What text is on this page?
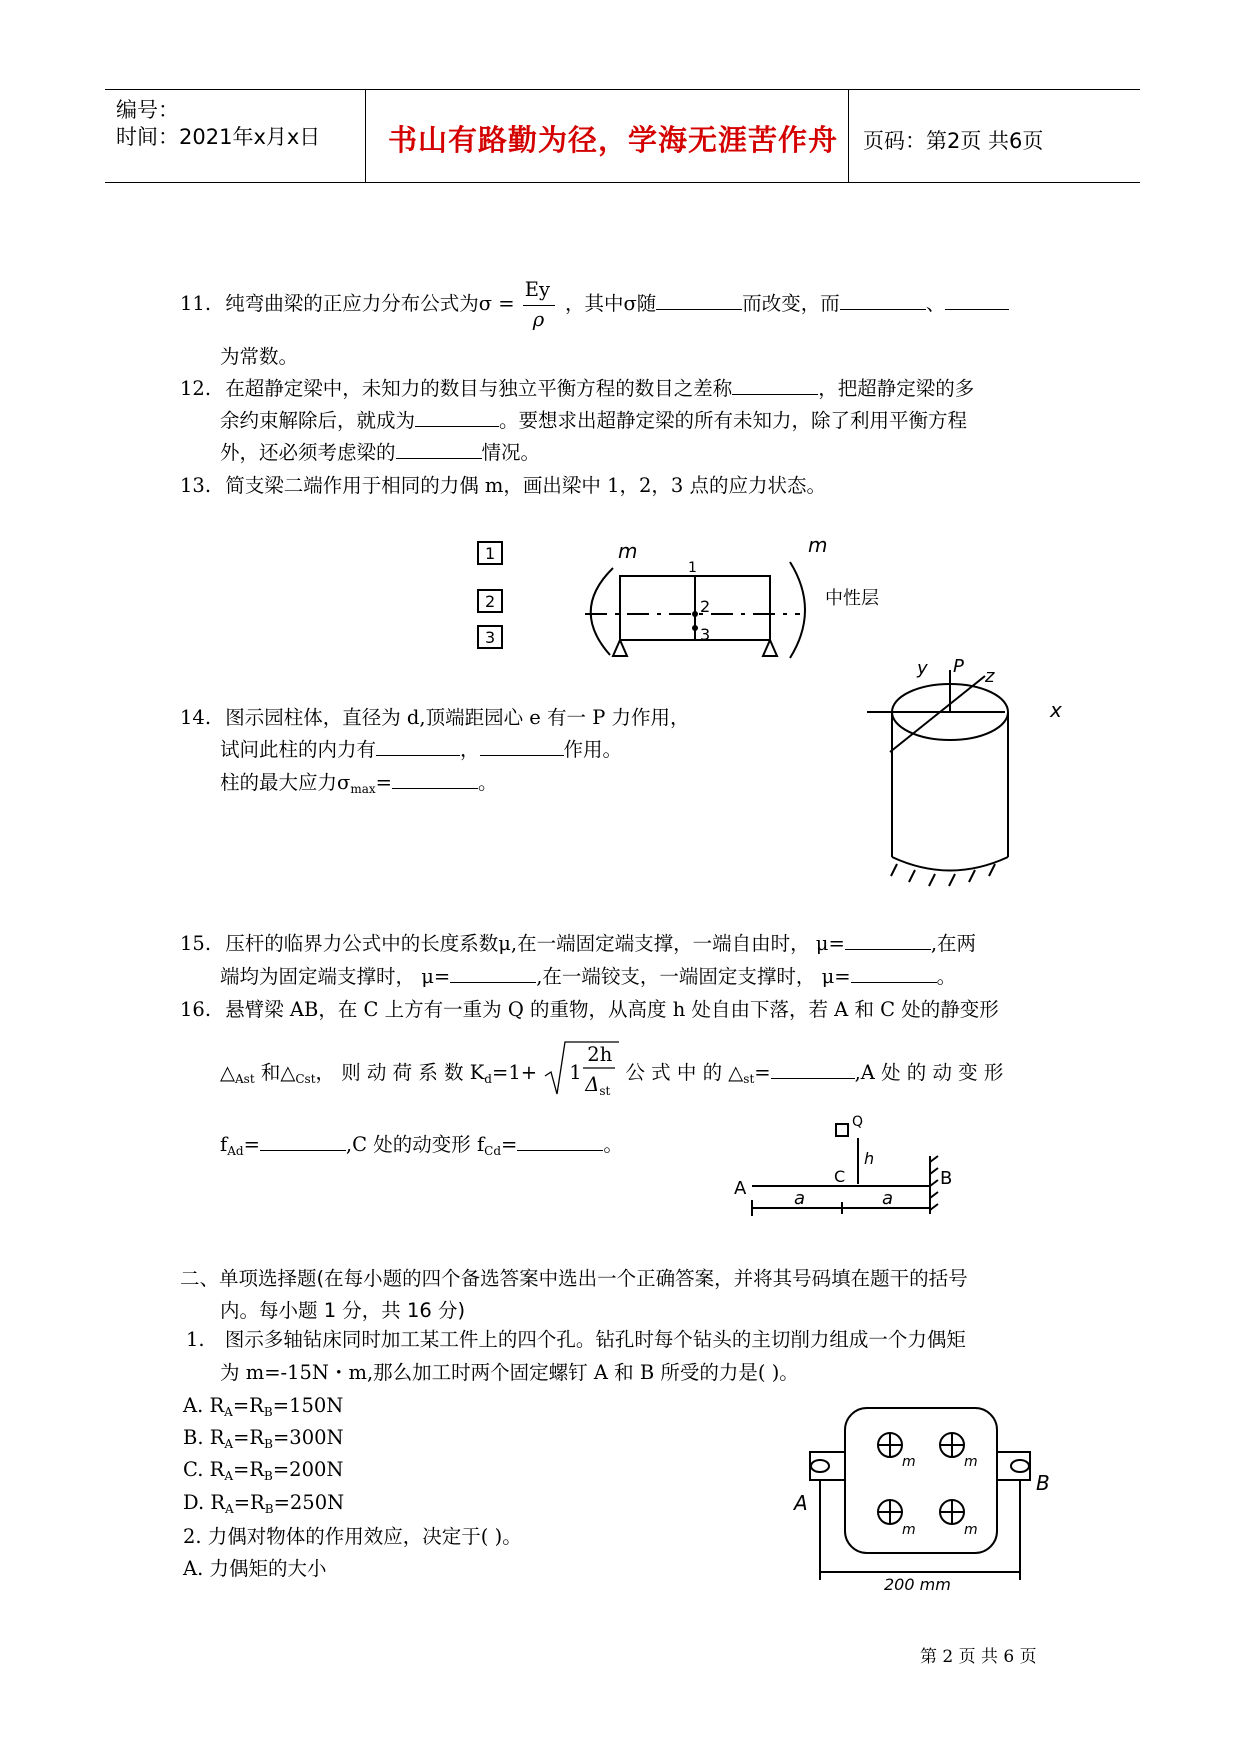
编号：
时间：2021年x月x日 书山有路勤为径，学海无涯苦作舟 页码：第2页 共6页
11. 纯弯曲梁的正应力分布公式为$\sigma = \frac{Ey}{\rho}$ ，其中σ随	而改变，而	、
为常数。
12. 在超静定梁中，未知力的数目与独立平衡方程的数目之差称	，把超静定梁的多
余约束解除后，就成为	。要想求出超静定梁的所有未知力，除了利用平衡方程
外，还必须考虑梁的	情况。
13. 简支梁二端作用于相同的力偶 m，画出梁中 1，2，3 点的应力状态。
1
2
3
m	m
1
2
3
中性层
14. 图示园柱体，直径为 d,顶端距园心 e 有一 P 力作用，
试问此柱的内力有	，	作用。
柱的最大应力$\sigma_{max}=$	。
y P z
x
15. 压杆的临界力公式中的长度系数μ,在一端固定端支撑，一端自由时， μ=	,在两
端均为固定端支撑时， μ=	,在一端铰支，一端固定支撑时， μ=	。
16. 悬臂梁 AB，在 C 上方有一重为 Q 的重物，从高度 h 处自由下落，若 A 和 C 处的静变形
$\triangle_{Ast}$ 和$\triangle_{Cst}$， 则 动 荷 系 数 $K_d=1+ 1$
2h
$\Delta_{st}$
公 式 中 的 $\triangle_{st}=$	,A 处 的 动 变 形
$f_{Ad}=$	,C 处的动变形 $f_{Cd}=$	。
Q
h
C
A	B
a	a
二、单项选择题(在每小题的四个备选答案中选出一个正确答案，并将其号码填在题干的括号
内。每小题 1 分，共 16 分)
1. 图示多轴钻床同时加工某工件上的四个孔。钻孔时每个钻头的主切削力组成一个力偶矩
为 m=-15N・m,那么加工时两个固定螺钉 A 和 B 所受的力是( )。
A. $R_A=R_B=150N$
B. $R_A=R_B=300N$
C. $R_A=R_B=200N$
D. $R_A=R_B=250N$
2. 力偶对物体的作用效应，决定于( )。
A. 力偶矩的大小
m	m
m	m
A
B
200 mm
第 2 页 共 6 页
